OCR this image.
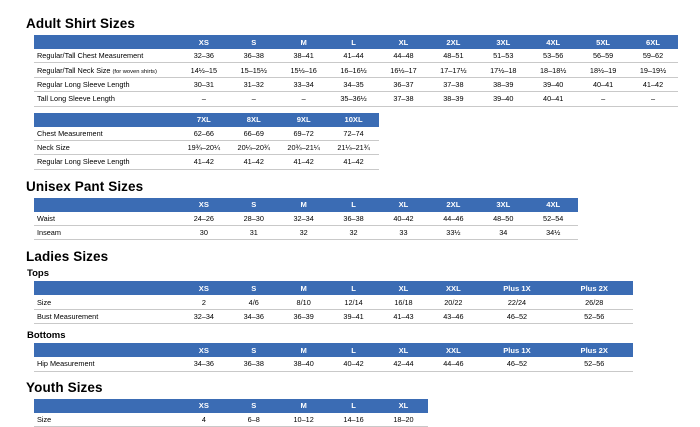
Adult Shirt Sizes
	XS	S	M	L	XL	2XL	3XL	4XL	5XL	6XL
Regular/Tall Chest Measurement	32–36	36–38	38–41	41–44	44–48	48–51	51–53	53–56	56–59	59–62
Regular/Tall Neck Size (for woven shirts)	14½–15	15–15½	15½–16	16–16½	16½–17	17–17½	17½–18	18–18½	18½–19	19–19½
Regular Long Sleeve Length	30–31	31–32	33–34	34–35	36–37	37–38	38–39	39–40	40–41	41–42
Tall Long Sleeve Length	–	–	–	35–36½	37–38	38–39	39–40	40–41	–	–
	7XL	8XL	9XL	10XL	
Chest Measurement	62–66	66–69	69–72	72–74	
Neck Size	19¾–20¼	20¼–20¾	20¾–21¼	21¼–21¾	
Regular Long Sleeve Length	41–42	41–42	41–42	41–42	
Unisex Pant Sizes
	XS	S	M	L	XL	2XL	3XL	4XL	
Waist	24–26	28–30	32–34	36–38	40–42	44–46	48–50	52–54	
Inseam	30	31	32	32	33	33½	34	34½	
Ladies Sizes
Tops
	XS	S	M	L	XL	XXL	Plus 1X	Plus 2X	
Size	2	4/6	8/10	12/14	16/18	20/22	22/24	26/28	
Bust Measurement	32–34	34–36	36–39	39–41	41–43	43–46	46–52	52–56	
Bottoms
	XS	S	M	L	XL	XXL	Plus 1X	Plus 2X	
Hip Measurement	34–36	36–38	38–40	40–42	42–44	44–46	46–52	52–56	
Youth Sizes
	XS	S	M	L	XL	
Size	4	6–8	10–12	14–16	18–20	
